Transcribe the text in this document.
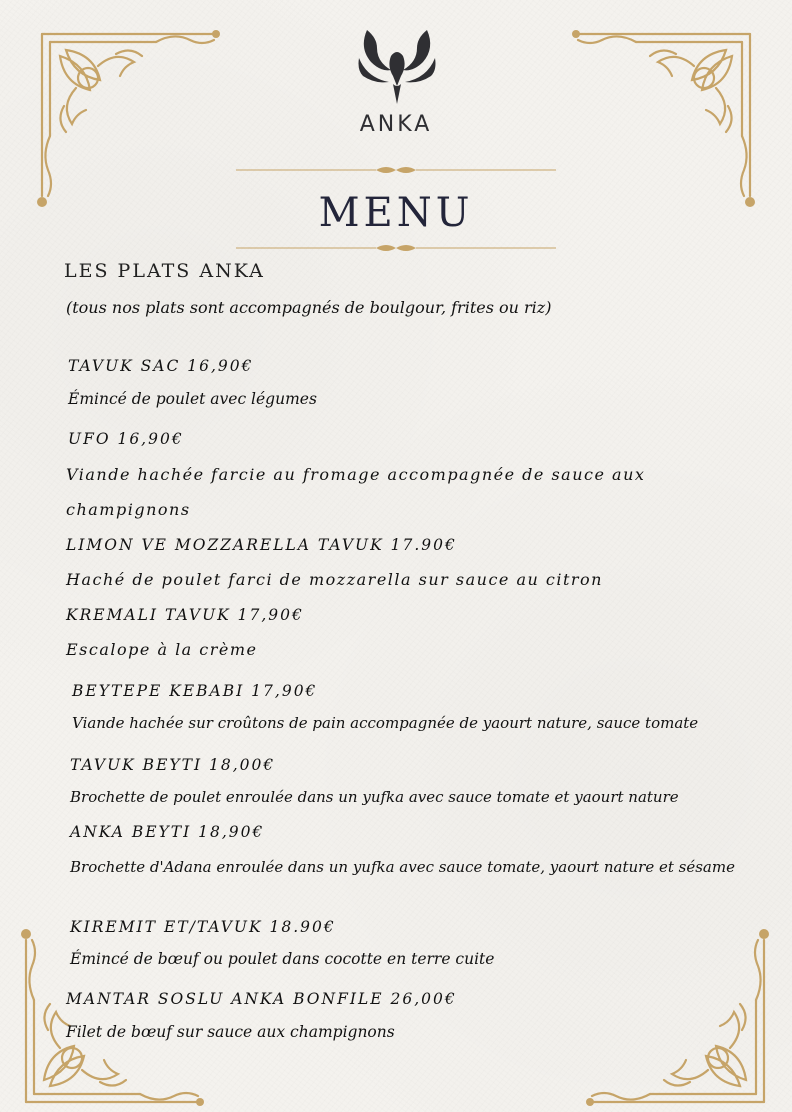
ANKA
MENU
LES PLATS ANKA
(tous nos plats sont accompagnés de boulgour, frites ou riz)
TAVUK SAC 16,90€
Émincé de poulet avec légumes
UFO 16,90€
Viande hachée farcie au fromage accompagnée de sauce aux
champignons
LIMON VE MOZZARELLA TAVUK 17.90€
Haché de poulet farci de mozzarella sur sauce au citron
KREMALI TAVUK 17,90€
Escalope à la crème
BEYTEPE KEBABI 17,90€
Viande hachée sur croûtons de pain accompagnée de yaourt nature, sauce tomate
TAVUK BEYTI 18,00€
Brochette de poulet enroulée dans un yufka avec sauce tomate et yaourt nature
ANKA BEYTI 18,90€
Brochette d'Adana enroulée dans un yufka avec sauce tomate, yaourt nature et sésame
KIREMIT ET/TAVUK 18.90€
Émincé de bœuf ou poulet dans cocotte en terre cuite
MANTAR SOSLU ANKA BONFILE 26,00€
Filet de bœuf sur sauce aux champignons
